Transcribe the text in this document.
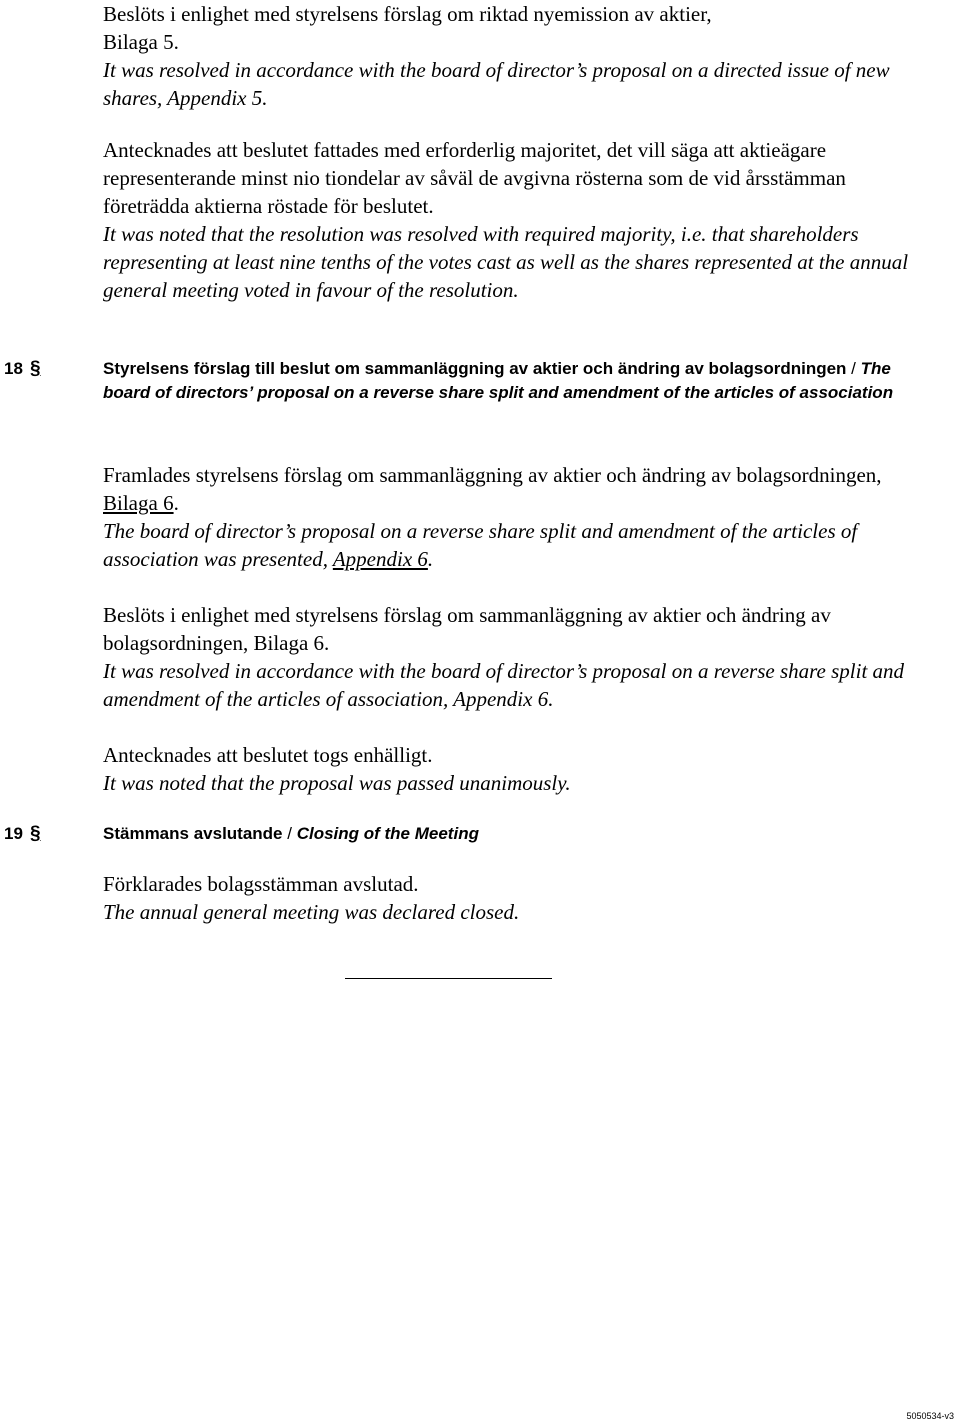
Beslöts i enlighet med styrelsens förslag om riktad nyemission av aktier,

Bilaga 5.

It was resolved in accordance with the board of director’s proposal on a directed issue of new shares, Appendix 5.

Antecknades att beslutet fattades med erforderlig majoritet, det vill säga att aktieägare representerande minst nio tiondelar av såväl de avgivna rösterna som de vid årsstämman företrädda aktierna röstade för beslutet.

It was noted that the resolution was resolved with required majority, i.e. that shareholders representing at least nine tenths of the votes cast as well as the shares represented at the annual general meeting voted in favour of the resolution.

18 §	Styrelsens förslag till beslut om sammanläggning av aktier och ändring av bolagsordningen / The board of directors’ proposal on a reverse share split and amendment of the articles of association

Framlades styrelsens förslag om sammanläggning av aktier och ändring av bolagsordningen, Bilaga 6.

The board of director’s proposal on a reverse share split and amendment of the articles of association was presented, Appendix 6.

Beslöts i enlighet med styrelsens förslag om sammanläggning av aktier och ändring av bolagsordningen, Bilaga 6.

It was resolved in accordance with the board of director’s proposal on a reverse share split and amendment of the articles of association, Appendix 6.

Antecknades att beslutet togs enhälligt.

It was noted that the proposal was passed unanimously.

19 §	Stämmans avslutande / Closing of the Meeting

Förklarades bolagsstämman avslutad.

The annual general meeting was declared closed.

5050534-v3
